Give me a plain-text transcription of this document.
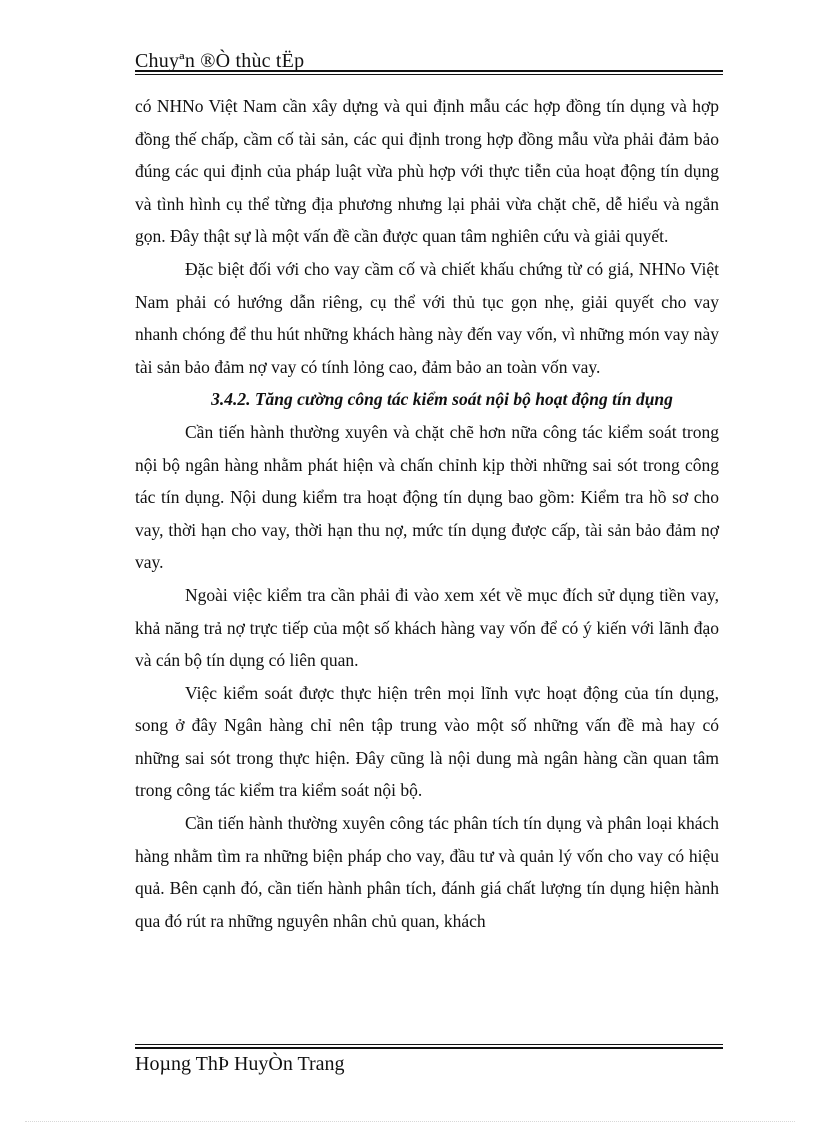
Chuyªn ®Ò thùc tËp

có NHNo Việt Nam cần xây dựng và qui định mẫu các hợp đồng tín dụng và hợp đồng thế chấp, cầm cố tài sản, các qui định trong hợp đồng mẫu vừa phải đảm bảo đúng các qui định của pháp luật vừa phù hợp với thực tiễn của hoạt động tín dụng và tình hình cụ thể từng địa phương nhưng lại phải vừa chặt chẽ, dễ hiểu và ngắn gọn. Đây thật sự là một vấn đề cần được quan tâm nghiên cứu và giải quyết.

Đặc biệt đối với cho vay cầm cố và chiết khấu chứng từ có giá, NHNo Việt Nam phải có hướng dẫn riêng, cụ thể với thủ tục gọn nhẹ, giải quyết cho vay nhanh chóng để thu hút những khách hàng này đến vay vốn, vì những món vay này tài sản bảo đảm nợ vay có tính lỏng cao, đảm bảo an toàn vốn vay.

3.4.2. Tăng cường công tác kiểm soát nội bộ hoạt động tín dụng

Cần tiến hành thường xuyên và chặt chẽ hơn nữa công tác kiểm soát trong nội bộ ngân hàng nhằm phát hiện và chấn chỉnh kịp thời những sai sót trong công tác tín dụng. Nội dung kiểm tra hoạt động tín dụng bao gồm: Kiểm tra hồ sơ cho vay, thời hạn cho vay, thời hạn thu nợ, mức tín dụng được cấp, tài sản bảo đảm nợ vay.

Ngoài việc kiểm tra cần phải đi vào xem xét về mục đích sử dụng tiền vay, khả năng trả nợ trực tiếp của một số khách hàng vay vốn để có ý kiến với lãnh đạo và cán bộ tín dụng có liên quan.

Việc kiểm soát được thực hiện trên mọi lĩnh vực hoạt động của tín dụng, song ở đây Ngân hàng chỉ nên tập trung vào một số những vấn đề mà hay có những sai sót trong thực hiện. Đây cũng là nội dung mà ngân hàng cần quan tâm trong công tác kiểm tra kiểm soát nội bộ.

Cần tiến hành thường xuyên công tác phân tích tín dụng và phân loại khách hàng nhằm tìm ra những biện pháp cho vay, đầu tư và quản lý vốn cho vay có hiệu quả. Bên cạnh đó, cần tiến hành phân tích, đánh giá chất lượng tín dụng hiện hành qua đó rút ra những nguyên nhân chủ quan, khách

Hoµng ThÞ HuyÒn Trang
